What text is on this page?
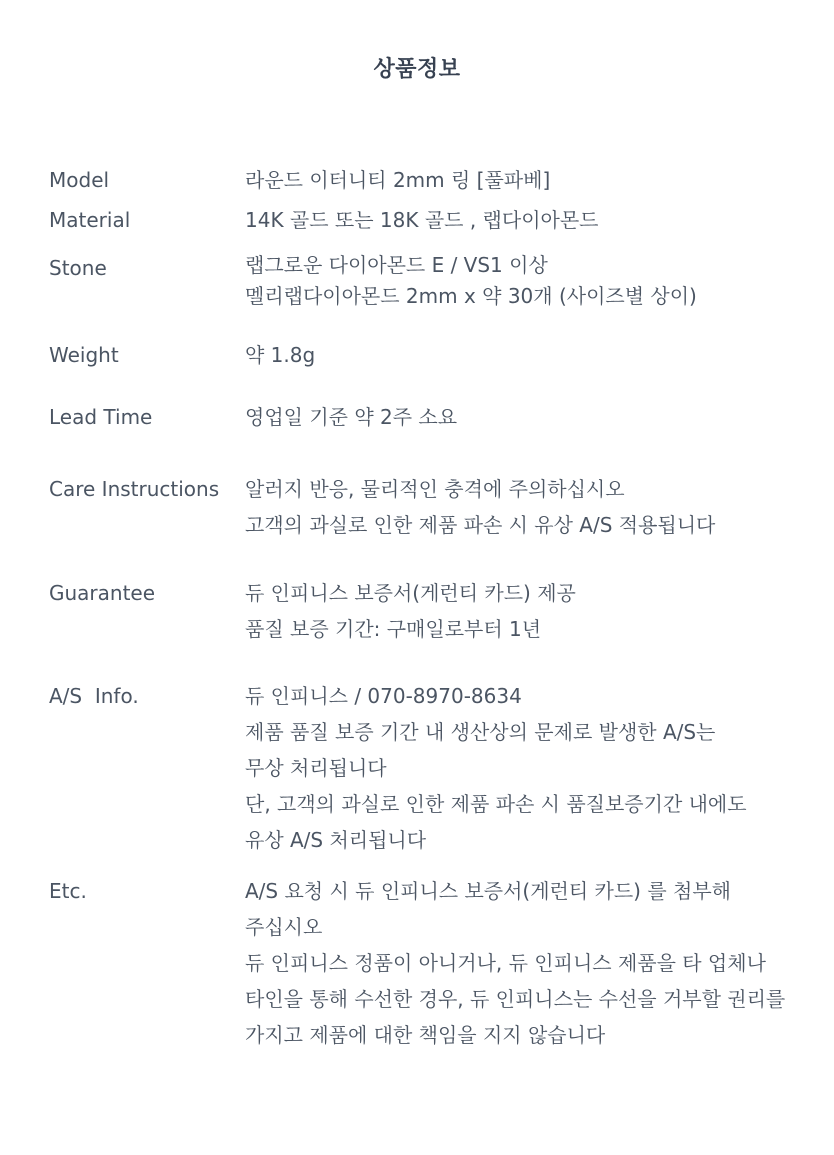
상품정보
Model	라운드 이터니티 2mm 링 [풀파베]
Material	14K 골드 또는 18K 골드 , 랩다이아몬드
Stone	랩그로운 다이아몬드 E / VS1 이상
멜리랩다이아몬드 2mm x 약 30개 (사이즈별 상이)
Weight	약 1.8g
Lead Time	영업일 기준 약 2주 소요
Care Instructions 알러지 반응, 물리적인 충격에 주의하십시오
고객의 과실로 인한 제품 파손 시 유상 A/S 적용됩니다
Guarantee	듀 인피니스 보증서(게런티 카드) 제공
품질 보증 기간: 구매일로부터 1년
A/S  Info.	듀 인피니스 / 070-8970-8634
제품 품질 보증 기간 내 생산상의 문제로 발생한 A/S는
무상 처리됩니다
단, 고객의 과실로 인한 제품 파손 시 품질보증기간 내에도
유상 A/S 처리됩니다
Etc.	A/S 요청 시 듀 인피니스 보증서(게런티 카드) 를 첨부해
주십시오
듀 인피니스 정품이 아니거나, 듀 인피니스 제품을 타 업체나
타인을 통해 수선한 경우, 듀 인피니스는 수선을 거부할 권리를
가지고 제품에 대한 책임을 지지 않습니다
